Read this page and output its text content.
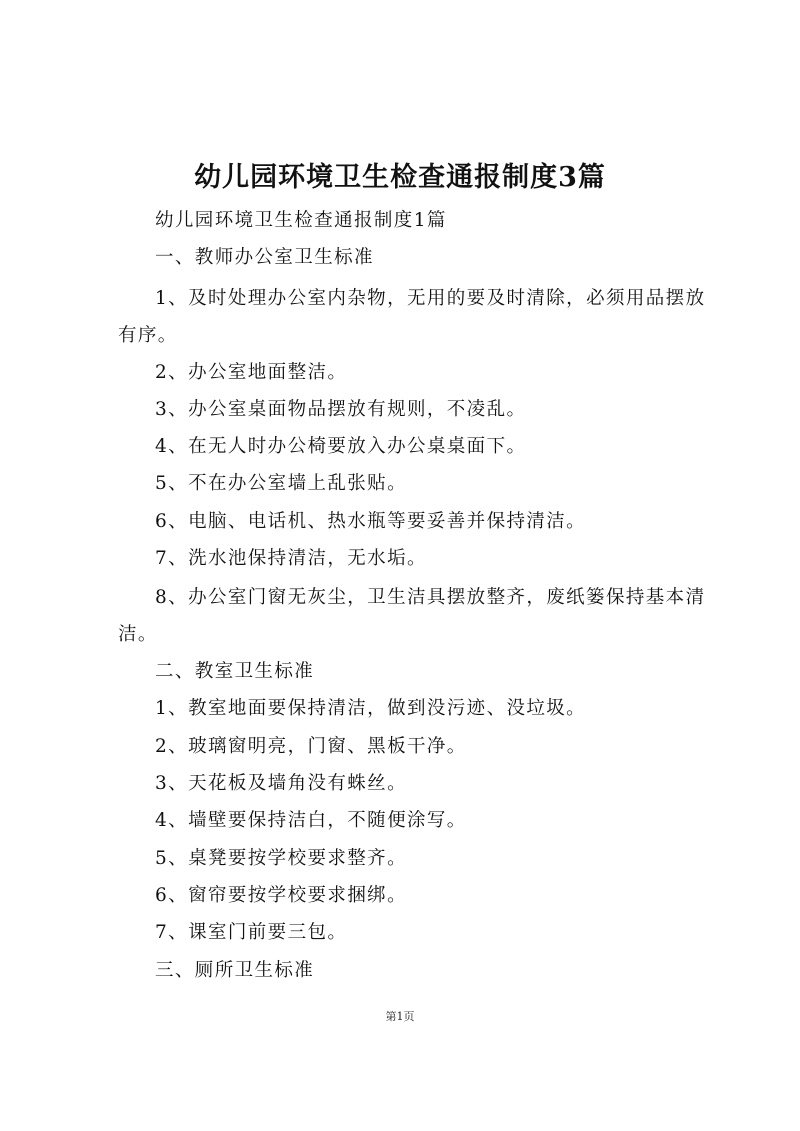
幼儿园环境卫生检查通报制度3篇
幼儿园环境卫生检查通报制度1篇
一、教师办公室卫生标准
1、及时处理办公室内杂物，无用的要及时清除，必须用品摆放有序。
2、办公室地面整洁。
3、办公室桌面物品摆放有规则，不凌乱。
4、在无人时办公椅要放入办公桌桌面下。
5、不在办公室墙上乱张贴。
6、电脑、电话机、热水瓶等要妥善并保持清洁。
7、洗水池保持清洁，无水垢。
8、办公室门窗无灰尘，卫生洁具摆放整齐，废纸篓保持基本清洁。
二、教室卫生标准
1、教室地面要保持清洁，做到没污迹、没垃圾。
2、玻璃窗明亮，门窗、黑板干净。
3、天花板及墙角没有蛛丝。
4、墙壁要保持洁白，不随便涂写。
5、桌凳要按学校要求整齐。
6、窗帘要按学校要求捆绑。
7、课室门前要三包。
三、厕所卫生标准
第1页
